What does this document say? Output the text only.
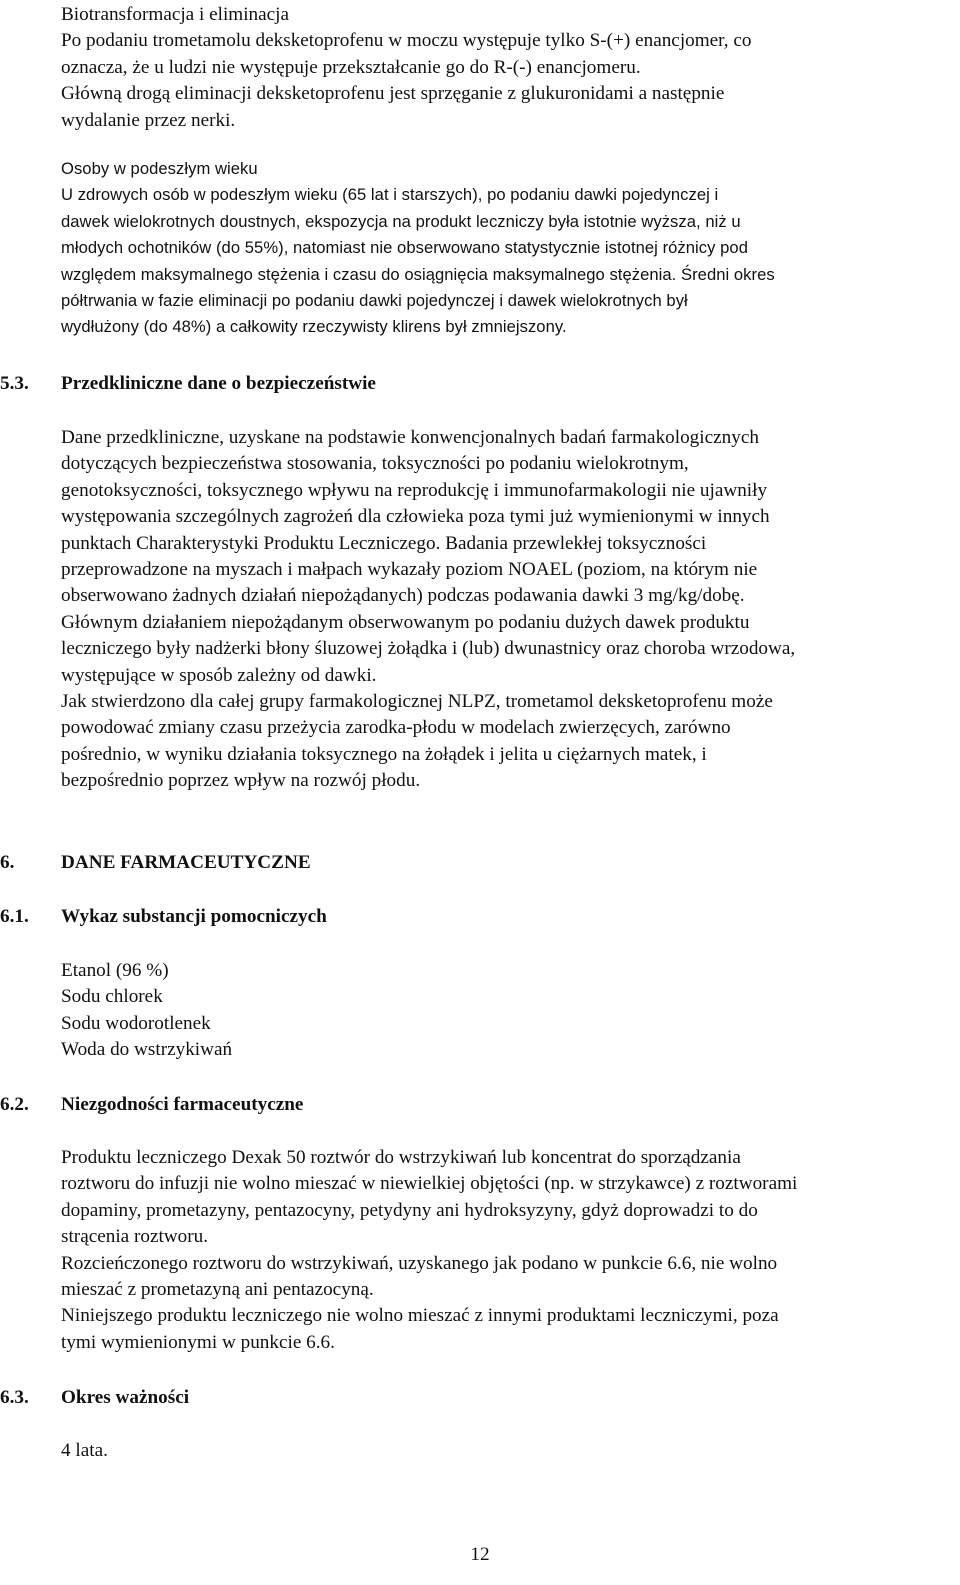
Biotransformacja i eliminacja
Po podaniu trometamolu deksketoprofenu w moczu występuje tylko S-(+) enancjomer, co
oznacza, że u ludzi nie występuje przekształcanie go do R-(-) enancjomeru.
Główną drogą eliminacji deksketoprofenu jest sprzęganie z glukuronidami a następnie
wydalanie przez nerki.
Osoby w podeszłym wieku
U zdrowych osób w podeszłym wieku (65 lat i starszych), po podaniu dawki pojedynczej i
dawek wielokrotnych doustnych, ekspozycja na produkt leczniczy była istotnie wyższa, niż u
młodych ochotników (do 55%), natomiast nie obserwowano statystycznie istotnej różnicy pod
względem maksymalnego stężenia i czasu do osiągnięcia maksymalnego stężenia. Średni okres
półtrwania w fazie eliminacji po podaniu dawki pojedynczej i dawek wielokrotnych był
wydłużony (do 48%) a całkowity rzeczywisty klirens był zmniejszony.
5.3. Przedkliniczne dane o bezpieczeństwie
Dane przedkliniczne, uzyskane na podstawie konwencjonalnych badań farmakologicznych
dotyczących bezpieczeństwa stosowania, toksyczności po podaniu wielokrotnym,
genotoksyczności, toksycznego wpływu na reprodukcję i immunofarmakologii nie ujawniły
występowania szczególnych zagrożeń dla człowieka poza tymi już wymienionymi w innych
punktach Charakterystyki Produktu Leczniczego. Badania przewlekłej toksyczności
przeprowadzone na myszach i małpach wykazały poziom NOAEL (poziom, na którym nie
obserwowano żadnych działań niepożądanych) podczas podawania dawki 3 mg/kg/dobę.
Głównym działaniem niepożądanym obserwowanym po podaniu dużych dawek produktu
leczniczego były nadżerki błony śluzowej żołądka i (lub) dwunastnicy oraz choroba wrzodowa,
występujące w sposób zależny od dawki.
Jak stwierdzono dla całej grupy farmakologicznej NLPZ, trometamol deksketoprofenu może
powodować zmiany czasu przeżycia zarodka-płodu w modelach zwierzęcych, zarówno
pośrednio, w wyniku działania toksycznego na żołądek i jelita u ciężarnych matek, i
bezpośrednio poprzez wpływ na rozwój płodu.
6. DANE FARMACEUTYCZNE
6.1. Wykaz substancji pomocniczych
Etanol (96 %)
Sodu chlorek
Sodu wodorotlenek
Woda do wstrzykiwań
6.2. Niezgodności farmaceutyczne
Produktu leczniczego Dexak 50 roztwór do wstrzykiwań lub koncentrat do sporządzania
roztworu do infuzji nie wolno mieszać w niewielkiej objętości (np. w strzykawce) z roztworami
dopaminy, prometazyny, pentazocyny, petydyny ani hydroksyzyny, gdyż doprowadzi to do
strącenia roztworu.
Rozcieńczonego roztworu do wstrzykiwań, uzyskanego jak podano w punkcie 6.6, nie wolno
mieszać z prometazyną ani pentazocyną.
Niniejszego produktu leczniczego nie wolno mieszać z innymi produktami leczniczymi, poza
tymi wymienionymi w punkcie 6.6.
6.3. Okres ważności
4 lata.
12
